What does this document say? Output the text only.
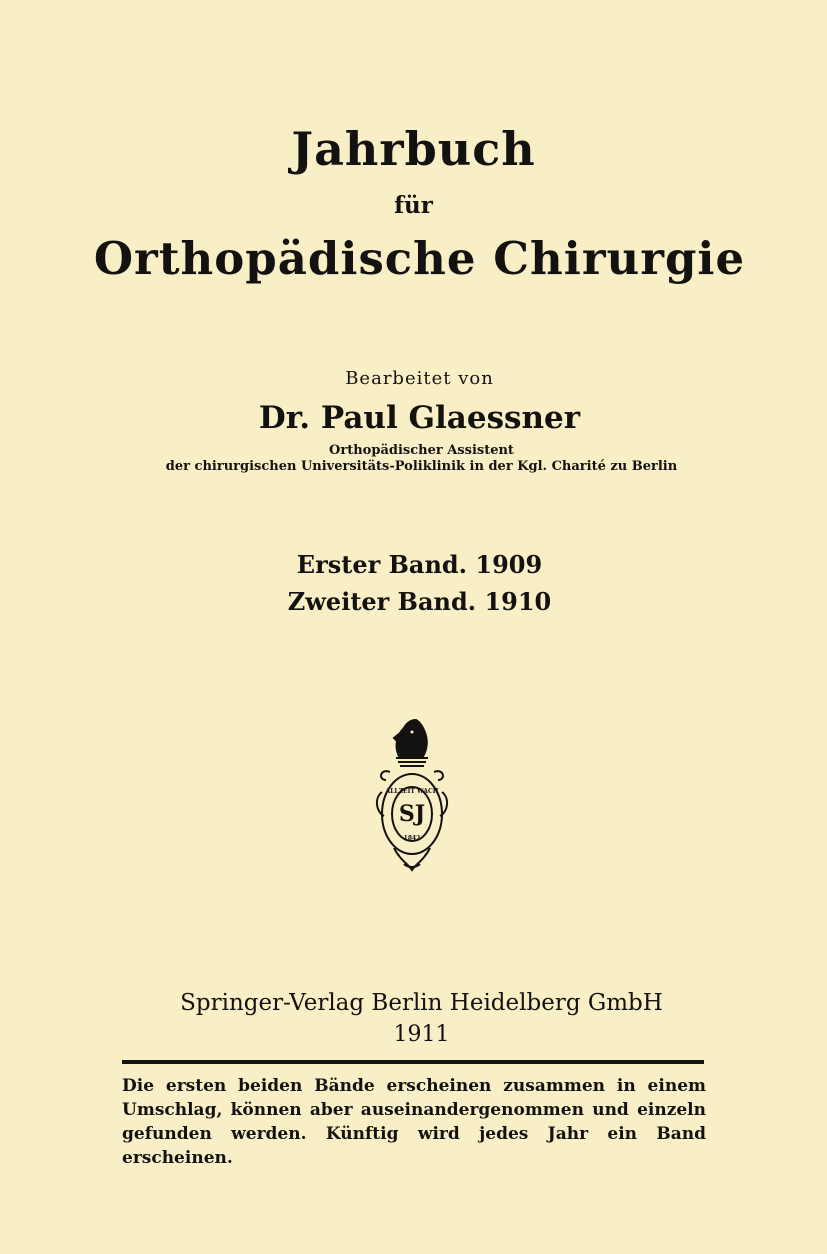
Jahrbuch
für
Orthopädische Chirurgie
Bearbeitet von
Dr. Paul Glaessner
Orthopädischer Assistent
der chirurgischen Universitäts-Poliklinik in der Kgl. Charité zu Berlin
Erster Band. 1909
Zweiter Band. 1910
SJ
ALLZEIT WACH
1842
Springer-Verlag Berlin Heidelberg GmbH
1911

Die ersten beiden Bände erscheinen zusammen in einem Umschlag, können aber auseinandergenommen und einzeln gefunden werden. Künftig wird jedes Jahr ein Band erscheinen.
